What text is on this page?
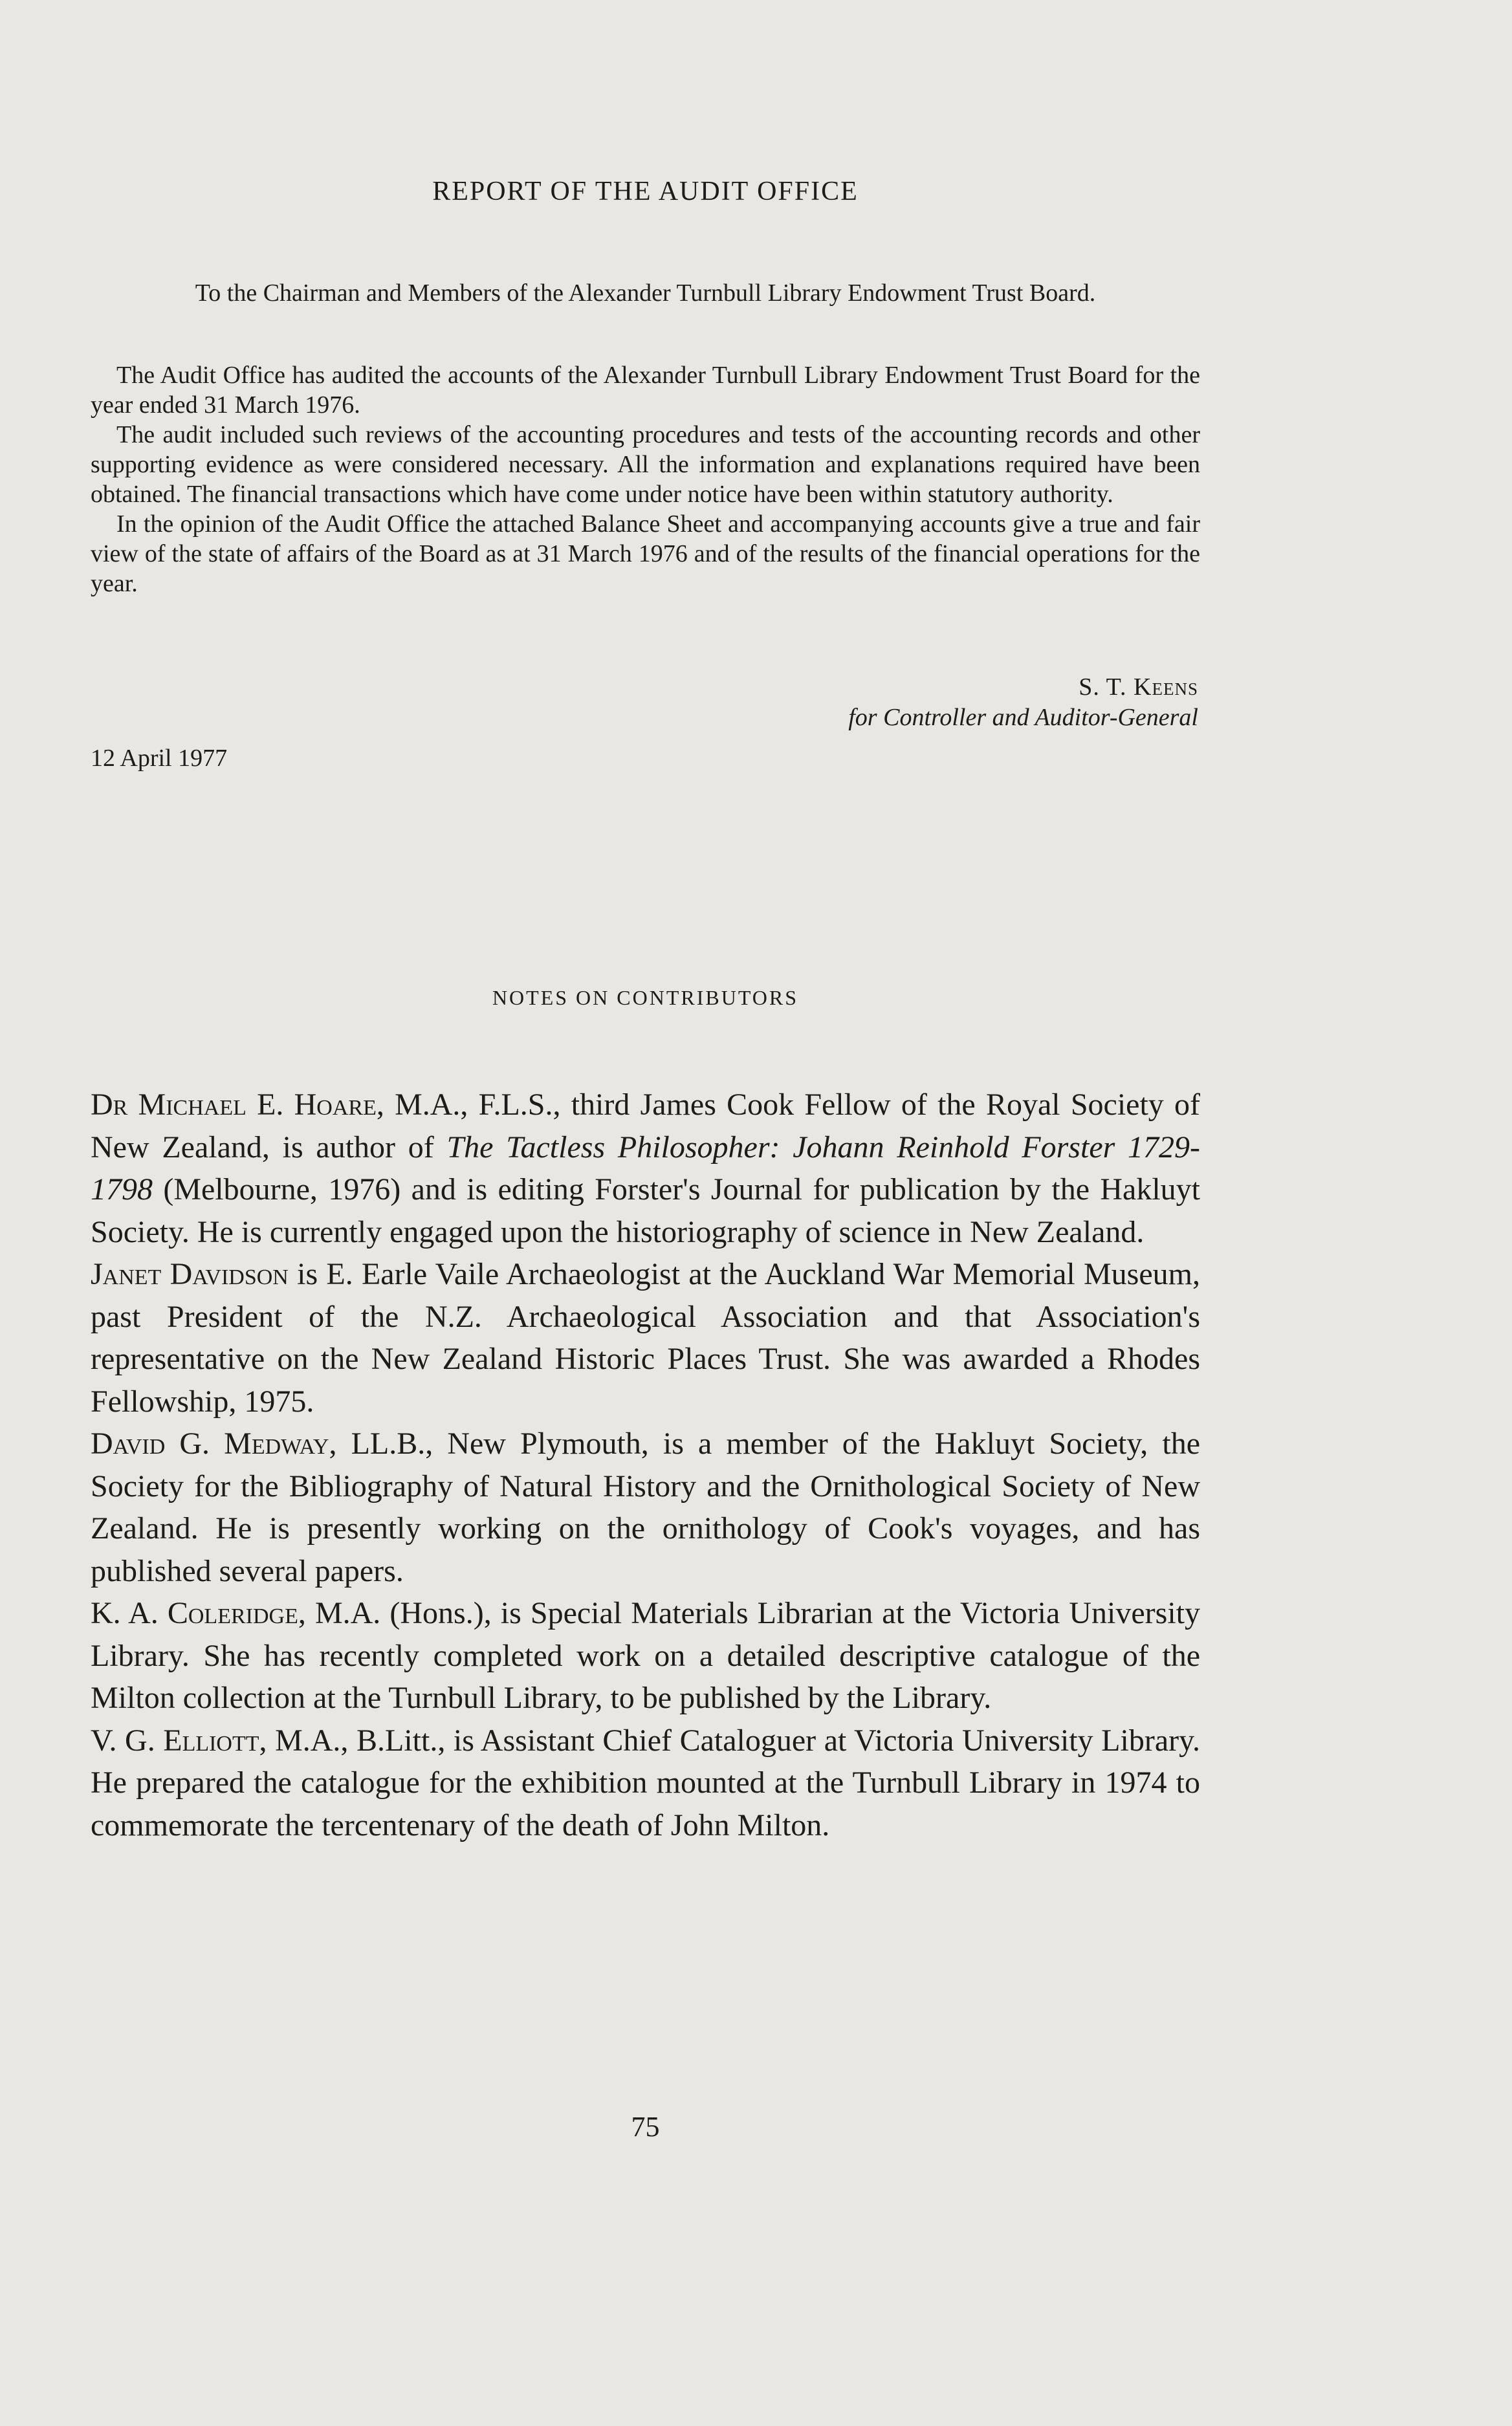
REPORT OF THE AUDIT OFFICE
To the Chairman and Members of the Alexander Turnbull Library Endowment Trust Board.

The Audit Office has audited the accounts of the Alexander Turnbull Library Endowment Trust Board for the year ended 31 March 1976.

The audit included such reviews of the accounting procedures and tests of the accounting records and other supporting evidence as were considered necessary. All the information and explanations required have been obtained. The financial transactions which have come under notice have been within statutory authority.

In the opinion of the Audit Office the attached Balance Sheet and accompanying accounts give a true and fair view of the state of affairs of the Board as at 31 March 1976 and of the results of the financial operations for the year.

S. T. Keens
for Controller and Auditor-General
12 April 1977
NOTES ON CONTRIBUTORS

Dr Michael E. Hoare, M.A., F.L.S., third James Cook Fellow of the Royal Society of New Zealand, is author of The Tactless Philosopher: Johann Reinhold Forster 1729-1798 (Melbourne, 1976) and is editing Forster's Journal for publication by the Hakluyt Society. He is currently engaged upon the historiography of science in New Zealand.

Janet Davidson is E. Earle Vaile Archaeologist at the Auckland War Memorial Museum, past President of the N.Z. Archaeological Association and that Association's representative on the New Zealand Historic Places Trust. She was awarded a Rhodes Fellowship, 1975.

David G. Medway, LL.B., New Plymouth, is a member of the Hakluyt Society, the Society for the Bibliography of Natural History and the Ornithological Society of New Zealand. He is presently working on the ornithology of Cook's voyages, and has published several papers.

K. A. Coleridge, M.A. (Hons.), is Special Materials Librarian at the Victoria University Library. She has recently completed work on a detailed descriptive catalogue of the Milton collection at the Turnbull Library, to be published by the Library.

V. G. Elliott, M.A., B.Litt., is Assistant Chief Cataloguer at Victoria University Library. He prepared the catalogue for the exhibition mounted at the Turnbull Library in 1974 to commemorate the tercentenary of the death of John Milton.

75
